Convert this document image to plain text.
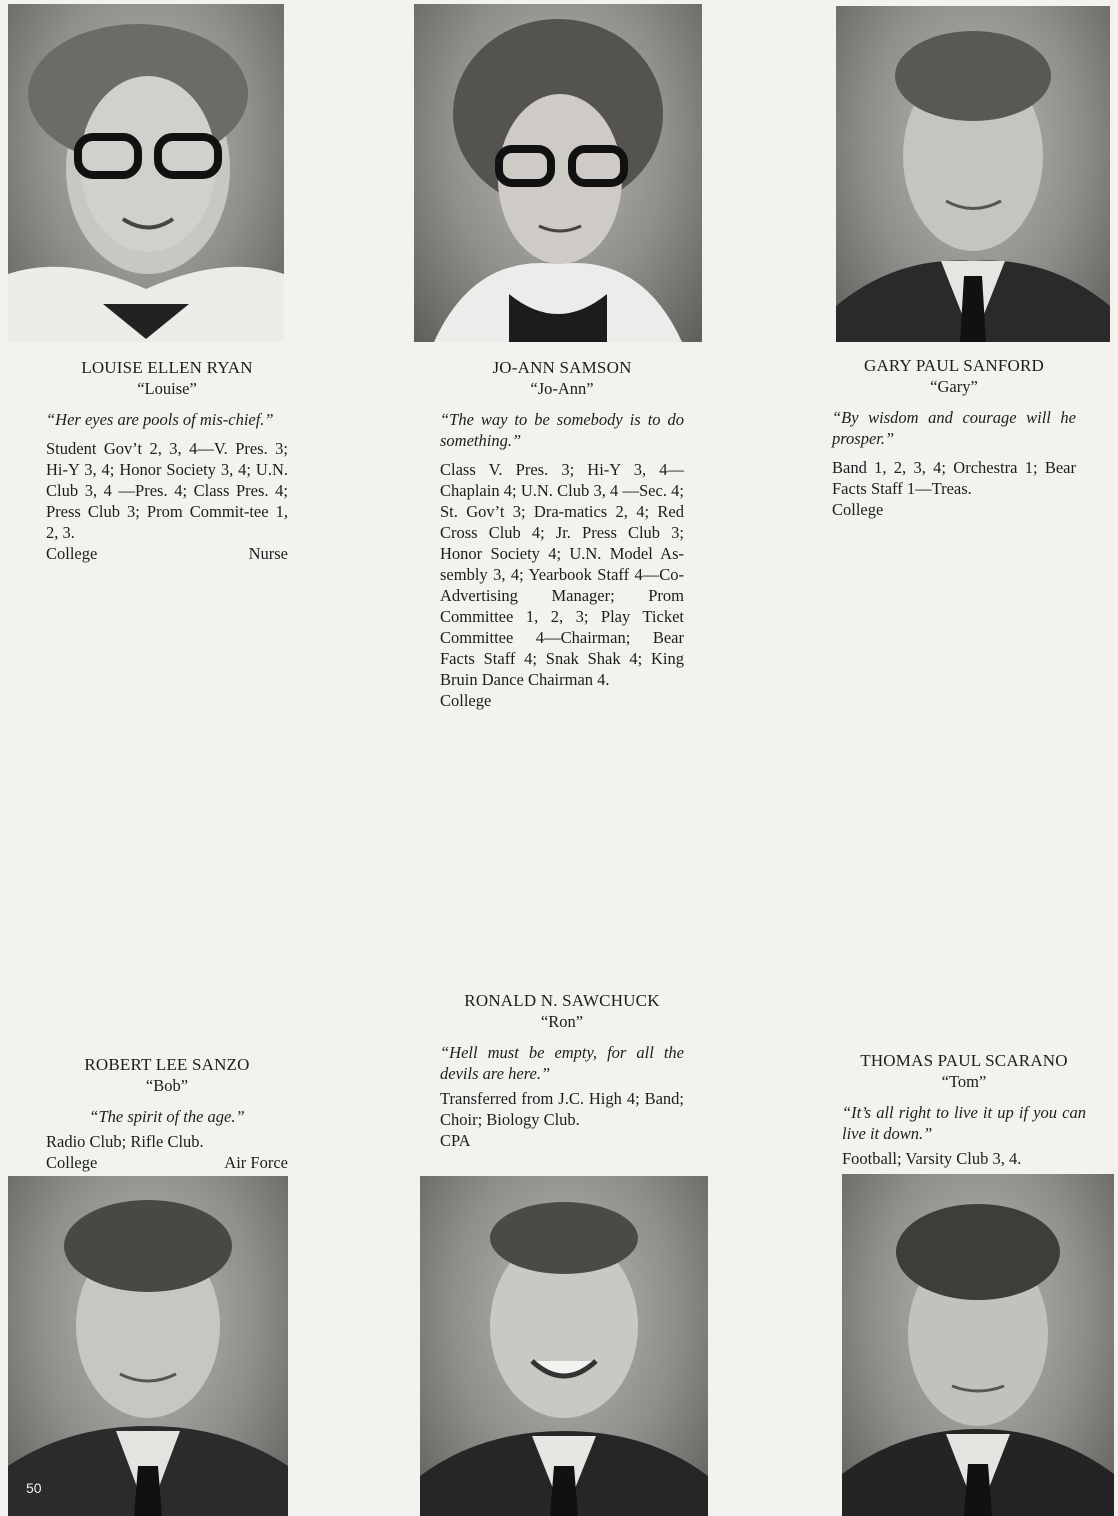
LOUISE ELLEN RYAN
“Louise”
“Her eyes are pools of mis-chief.”
Student Gov’t 2, 3, 4—V. Pres. 3; Hi-Y 3, 4; Honor Society 3, 4; U.N. Club 3, 4 —Pres. 4; Class Pres. 4; Press Club 3; Prom Commit-tee 1, 2, 3.
College	Nurse
JO-ANN SAMSON
“Jo-Ann”
“The way to be somebody is to do something.”
Class V. Pres. 3; Hi-Y 3, 4—Chaplain 4; U.N. Club 3, 4 —Sec. 4; St. Gov’t 3; Dra-matics 2, 4; Red Cross Club 4; Jr. Press Club 3; Honor Society 4; U.N. Model As-sembly 3, 4; Yearbook Staff 4—Co-Advertising Manager; Prom Committee 1, 2, 3; Play Ticket Committee 4—Chairman; Bear Facts Staff 4; Snak Shak 4; King Bruin Dance Chairman 4.
College
GARY PAUL SANFORD
“Gary”
“By wisdom and courage will he prosper.”
Band 1, 2, 3, 4; Orchestra 1; Bear Facts Staff 1—Treas.
College
ROBERT LEE SANZO
“Bob”
“The spirit of the age.”
Radio Club; Rifle Club.
College	Air Force
RONALD N. SAWCHUCK
“Ron”
“Hell must be empty, for all the devils are here.”
Transferred from J.C. High 4; Band; Choir; Biology Club.
CPA
THOMAS PAUL SCARANO
“Tom”
“It’s all right to live it up if you can live it down.”
Football; Varsity Club 3, 4.
50
